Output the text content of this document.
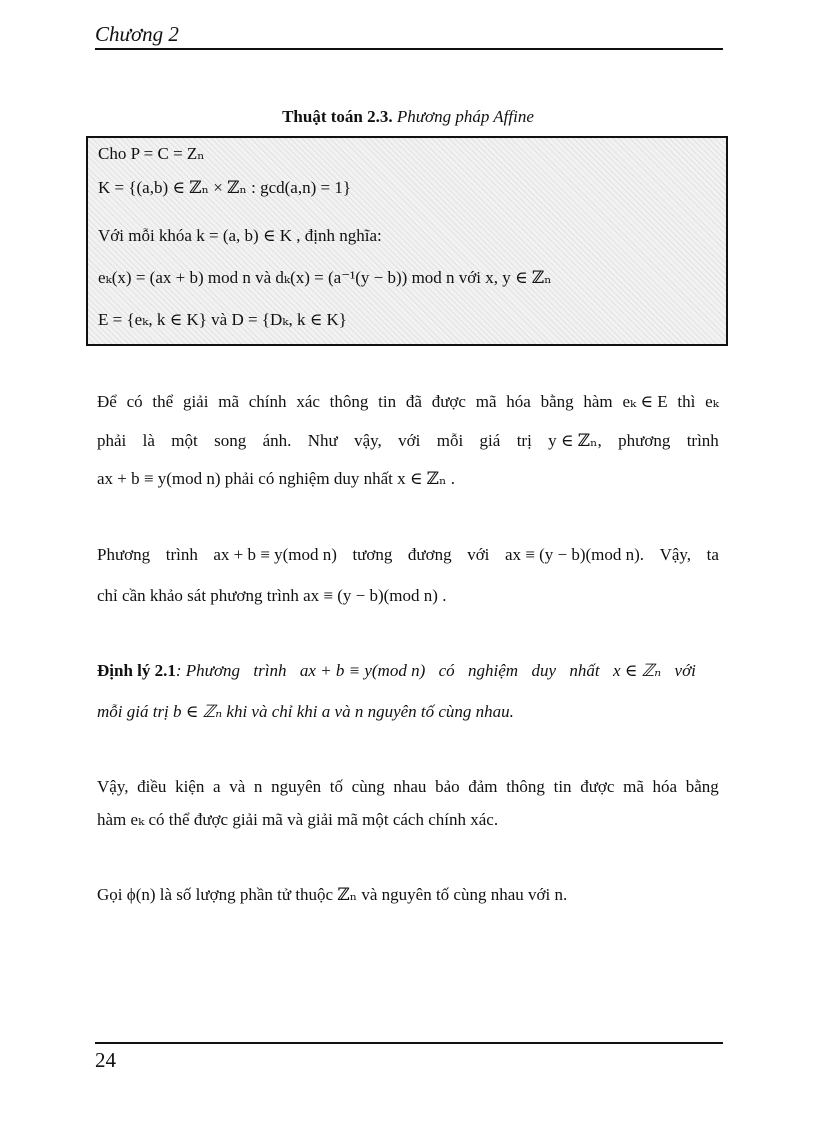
Chương 2
Thuật toán 2.3. Phương pháp Affine
Cho P = C = Zₙ
K = {(a,b) ∈ ℤₙ × ℤₙ : gcd(a,n) = 1}
Với mỗi khóa k = (a, b) ∈ K , định nghĩa:
eₖ(x) = (ax + b) mod n và dₖ(x) = (a⁻¹(y − b)) mod n với x, y ∈ ℤₙ
E = {eₖ, k ∈ K} và D = {Dₖ, k ∈ K}
Để có thể giải mã chính xác thông tin đã được mã hóa bằng hàm eₖ ∈ E thì eₖ
phải là một song ánh. Như vậy, với mỗi giá trị y ∈ ℤₙ, phương trình
ax + b ≡ y(mod n) phải có nghiệm duy nhất x ∈ ℤₙ .
Phương trình ax + b ≡ y(mod n) tương đương với ax ≡ (y − b)(mod n). Vậy, ta
chỉ cần khảo sát phương trình ax ≡ (y − b)(mod n) .
Định lý 2.1 : Phương trình ax + b ≡ y(mod n) có nghiệm duy nhất x ∈ ℤₙ với
mỗi giá trị b ∈ ℤₙ khi và chỉ khi a và n nguyên tố cùng nhau.
Vậy, điều kiện a và n nguyên tố cùng nhau bảo đảm thông tin được mã hóa bằng
hàm eₖ có thể được giải mã và giải mã một cách chính xác.
Gọi ϕ(n) là số lượng phần tử thuộc ℤₙ và nguyên tố cùng nhau với n.
24
